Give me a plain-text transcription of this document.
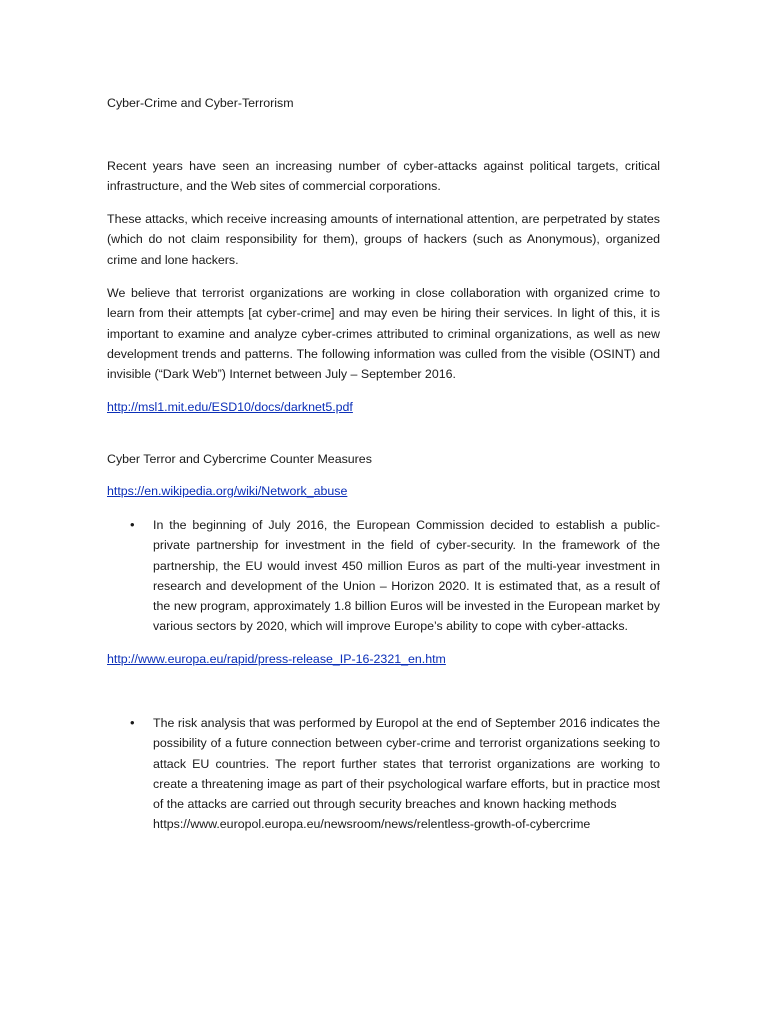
Cyber-Crime and Cyber-Terrorism

Recent years have seen an increasing number of cyber-attacks against political targets, critical infrastructure, and the Web sites of commercial corporations.

These attacks, which receive increasing amounts of international attention, are perpetrated by states (which do not claim responsibility for them), groups of hackers (such as Anonymous), organized crime and lone hackers.

We believe that terrorist organizations are working in close collaboration with organized crime to learn from their attempts [at cyber-crime] and may even be hiring their services. In light of this, it is important to examine and analyze cyber-crimes attributed to criminal organizations, as well as new development trends and patterns. The following information was culled from the visible (OSINT) and invisible (“Dark Web”) Internet between July – September 2016.

http://msl1.mit.edu/ESD10/docs/darknet5.pdf

Cyber Terror and Cybercrime Counter Measures

https://en.wikipedia.org/wiki/Network_abuse

•	In the beginning of July 2016, the European Commission decided to establish a public-private partnership for investment in the field of cyber-security. In the framework of the partnership, the EU would invest 450 million Euros as part of the multi-year investment in research and development of the Union – Horizon 2020. It is estimated that, as a result of the new program, approximately 1.8 billion Euros will be invested in the European market by various sectors by 2020, which will improve Europe’s ability to cope with cyber-attacks.

http://www.europa.eu/rapid/press-release_IP-16-2321_en.htm

•	The risk analysis that was performed by Europol at the end of September 2016 indicates the possibility of a future connection between cyber-crime and terrorist organizations seeking to attack EU countries. The report further states that terrorist organizations are working to create a threatening image as part of their psychological warfare efforts, but in practice most of the attacks are carried out through security breaches and known hacking methods
https://www.europol.europa.eu/newsroom/news/relentless-growth-of-cybercrime
